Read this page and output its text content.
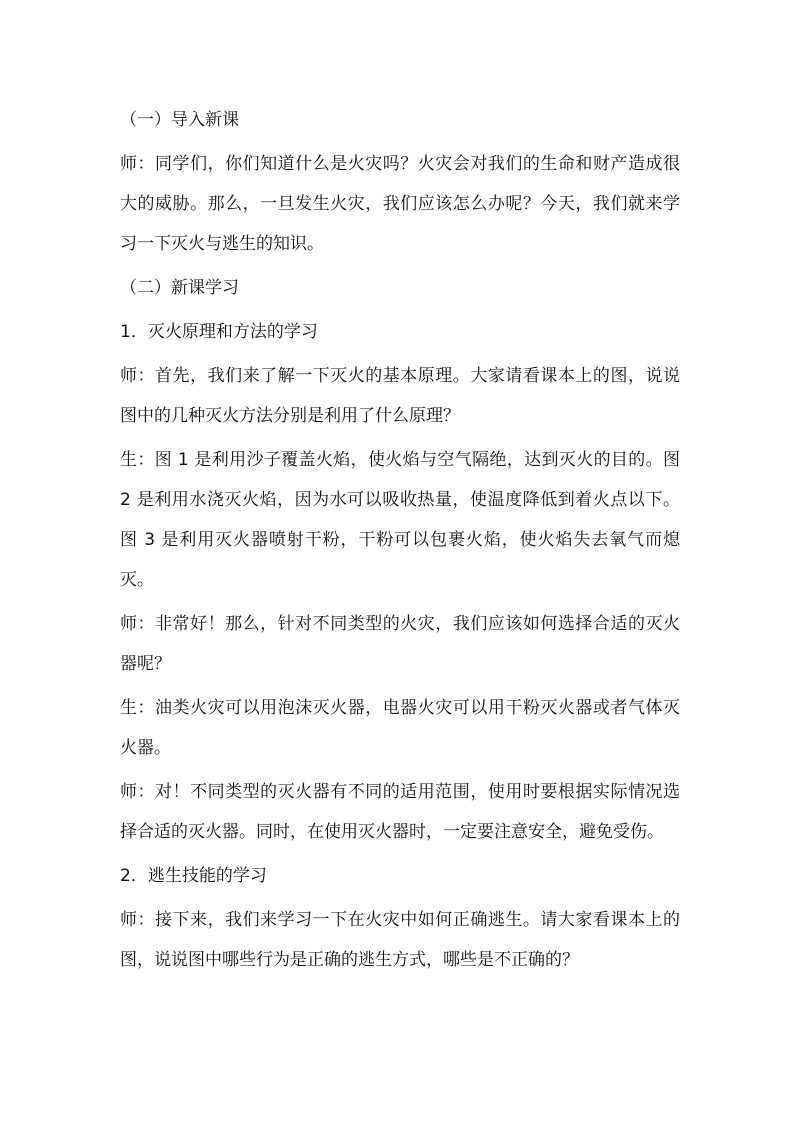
（一）导入新课

师：同学们，你们知道什么是火灾吗？火灾会对我们的生命和财产造成很大的威胁。那么，一旦发生火灾，我们应该怎么办呢？今天，我们就来学习一下灭火与逃生的知识。

（二）新课学习

1．灭火原理和方法的学习

师：首先，我们来了解一下灭火的基本原理。大家请看课本上的图，说说图中的几种灭火方法分别是利用了什么原理？

生：图 1 是利用沙子覆盖火焰，使火焰与空气隔绝，达到灭火的目的。图 2 是利用水浇灭火焰，因为水可以吸收热量，使温度降低到着火点以下。图 3 是利用灭火器喷射干粉，干粉可以包裹火焰，使火焰失去氧气而熄灭。

师：非常好！那么，针对不同类型的火灾，我们应该如何选择合适的灭火器呢？

生：油类火灾可以用泡沫灭火器，电器火灾可以用干粉灭火器或者气体灭火器。

师：对！不同类型的灭火器有不同的适用范围，使用时要根据实际情况选择合适的灭火器。同时，在使用灭火器时，一定要注意安全，避免受伤。

2．逃生技能的学习

师：接下来，我们来学习一下在火灾中如何正确逃生。请大家看课本上的图，说说图中哪些行为是正确的逃生方式，哪些是不正确的？
